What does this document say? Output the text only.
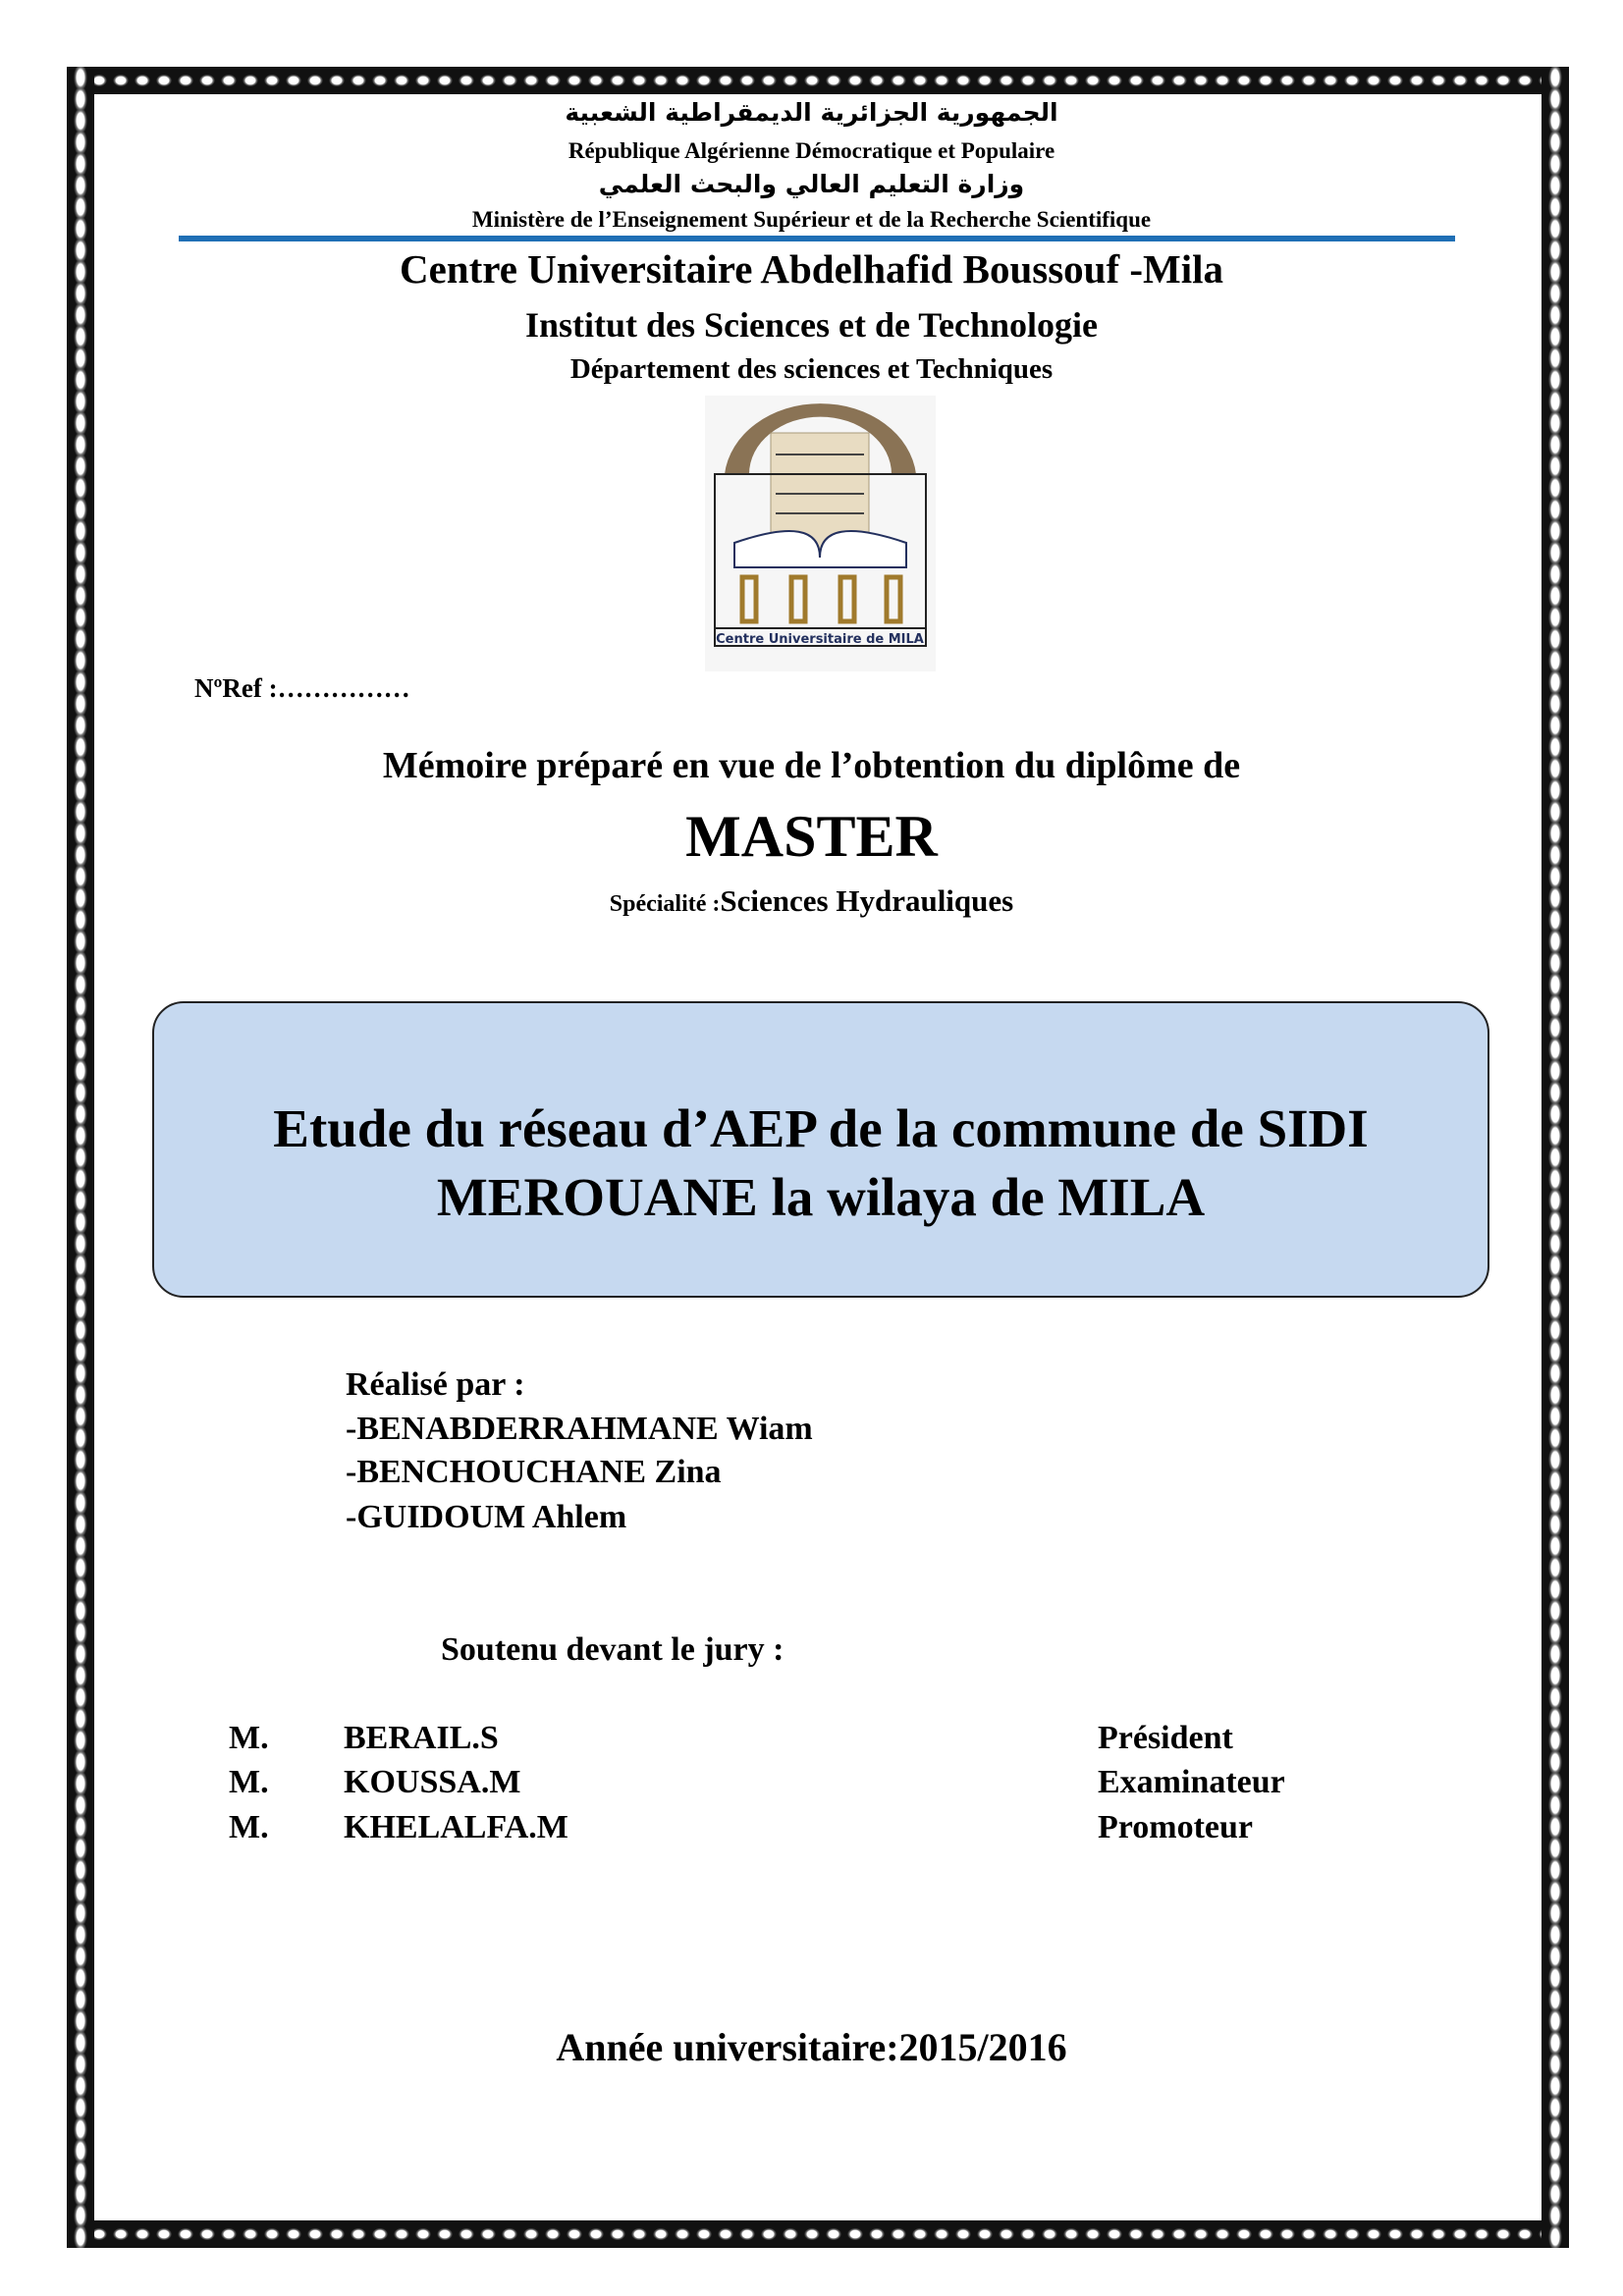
الجمهورية الجزائرية الديمقراطية الشعبية
République Algérienne Démocratique et Populaire
وزارة التعليم العالي والبحث العلمي
Ministère de l’Enseignement Supérieur et de la Recherche Scientifique
Centre Universitaire Abdelhafid Boussouf -Mila
Institut des Sciences et de Technologie
Département des sciences et Techniques
Centre Universitaire de MILA
NºRef :……………
Mémoire préparé en vue de l’obtention du diplôme de
MASTER
Spécialité :Sciences Hydrauliques
Etude du réseau d’AEP de la commune de SIDI
MEROUANE la wilaya de MILA
Réalisé par :
-BENABDERRAHMANE Wiam
-BENCHOUCHANE Zina
-GUIDOUM Ahlem
Soutenu devant le jury :
M. BERAIL.S	Président
M. KOUSSA.M	Examinateur
M. KHELALFA.M	Promoteur
Année universitaire:2015/2016
